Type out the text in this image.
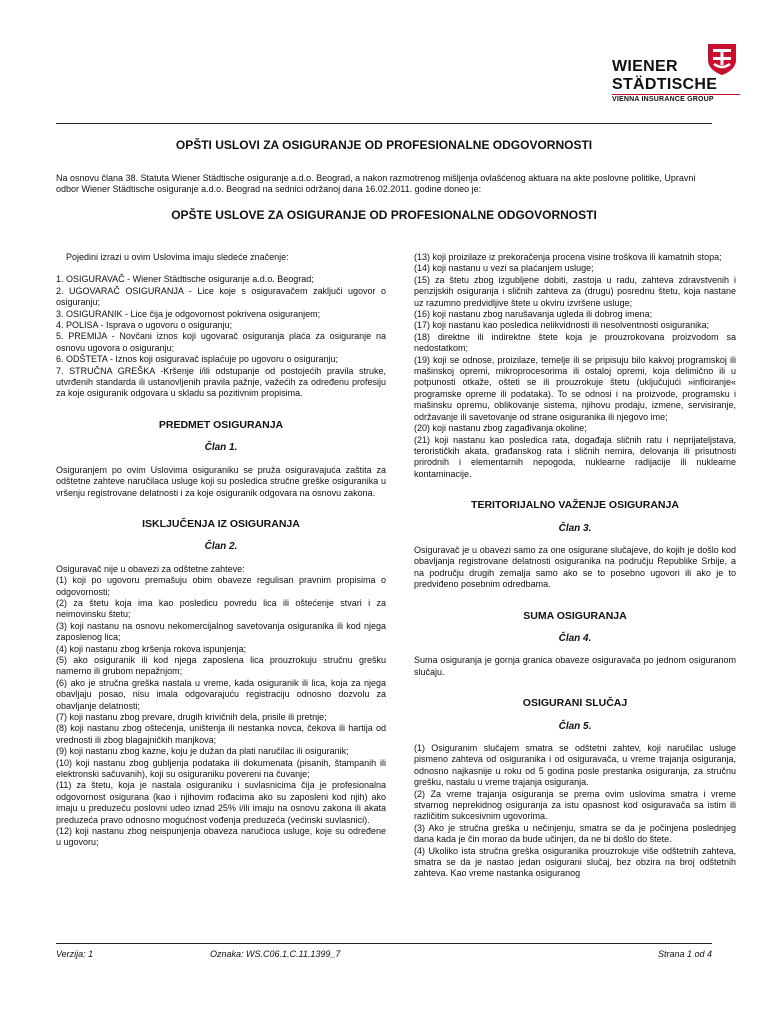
WIENER
STÄDTISCHE
VIENNA INSURANCE GROUP
OPŠTI USLOVI ZA OSIGURANJE OD PROFESIONALNE ODGOVORNOSTI
Na osnovu člana 38. Statuta Wiener Städtische osiguranje a.d.o. Beograd, a nakon razmotrenog mišljenja ovlašćenog aktuara na akte poslovne politike, Upravni odbor Wiener Städtische osiguranje a.d.o. Beograd na sednici održanoj dana 16.02.2011. godine doneo je:
OPŠTE USLOVE ZA OSIGURANJE OD PROFESIONALNE ODGOVORNOSTI

Pojedini izrazi u ovim Uslovima imaju sledeće značenje:

1. OSIGURAVAČ - Wiener Städtische osiguranje a.d.o. Beograd;

2. UGOVARAČ OSIGURANJA - Lice koje s osiguravačem zaključi ugovor o osiguranju;

3. OSIGURANIK - Lice čija je odgovornost pokrivena osiguranjem;

4. POLISA - Isprava o ugovoru o osiguranju;

5. PREMIJA - Novčani iznos koji ugovarač osiguranja plaća za osiguranje na osnovu ugovora o osiguranju;

6. ODŠTETA - Iznos koji osiguravač isplaćuje po ugovoru o osiguranju;

7. STRUČNA GREŠKA -Kršenje i/ili odstupanje od postojećih pravila struke, utvrđenih standarda ili ustanovljenih pravila pažnje, važećih za određenu profesiju za koje osiguranik odgovara u skladu sa pozitivnim propisima.

PREDMET OSIGURANJA

Član 1.

Osiguranjem po ovim Uslovima osiguraniku se pruža osiguravajuća zaštita za odštetne zahteve naručilaca usluge koji su posledica stručne greške osiguranika u vršenju registrovane delatnosti i za koje osiguranik odgovara na osnovu zakona.

ISKLJUČENJA IZ OSIGURANJA

Član 2.

Osiguravač nije u obavezi za odštetne zahteve:

(1) koji po ugovoru premašuju obim obaveze regulisan pravnim propisima o odgovornosti;

(2) za štetu koja ima kao posledicu povredu lica ili oštećenje stvari i za neimovinsku štetu;

(3) koji nastanu na osnovu nekomercijalnog savetovanja osiguranika ili kod njega zaposlenog lica;

(4) koji nastanu zbog kršenja rokova ispunjenja;

(5) ako osiguranik ili kod njega zaposlena lica prouzrokuju stručnu grešku namerno ili grubom nepažnjom;

(6) ako je stručna greška nastala u vreme, kada osiguranik ili lica, koja za njega obavljaju posao, nisu imala odgovarajuću registraciju odnosno dozvolu za obavljanje delatnosti;

(7) koji nastanu zbog prevare, drugih krivičnih dela, prisile ili pretnje;

(8) koji nastanu zbog oštećenja, uništenja ili nestanka novca, čekova ili hartija od vrednosti ili zbog blagajničkih manjkova;

(9) koji nastanu zbog kazne, koju je dužan da plati naručilac ili osiguranik;

(10) koji nastanu zbog gubljenja podataka ili dokumenata (pisanih, štampanih ili elektronski sačuvanih), koji su osiguraniku povereni na čuvanje;

(11) za štetu, koja je nastala osiguraniku i suvlasnicima čija je profesionalna odgovornost osigurana (kao i njihovim rođacima ako su zaposleni kod njih) ako imaju u preduzeću poslovni udeo iznad 25% i/ili imaju na osnovu zakona ili akata preduzeća pravo odnosno mogućnost vođenja preduzeća (većinski suvlasnici).

(12) koji nastanu zbog neispunjenja obaveza naručioca usluge, koje su određene u ugovoru;

(13) koji proizilaze iz prekoračenja procena visine troškova ili kamatnih stopa;

(14) koji nastanu u vezi sa plaćanjem usluge;

(15) za štetu zbog izgubljene dobiti, zastoja u radu, zahteva zdravstvenih i penzijskih osiguranja i sličnih zahteva za (drugu) posrednu štetu, koja nastane uz razumno predvidljive štete u okviru izvršene usluge;

(16) koji nastanu zbog narušavanja ugleda ili dobrog imena;

(17) koji nastanu kao posledica nelikvidnosti ili nesolventnosti osiguranika;

(18) direktne ili indirektne štete koja je prouzrokovana proizvodom sa nedostatkom;

(19) koji se odnose, proizilaze, temelje ili se pripisuju bilo kakvoj programskoj ili mašinskoj opremi, mikroprocesorima ili ostaloj opremi, koja delimično ili u potpunosti otkaže, ošteti se ili prouzrokuje štetu (uključujući »inficiranje« programske opreme ili podataka). To se odnosi i na proizvode, programsku i mašinsku opremu, oblikovanje sistema, njihovu prodaju, izmene, servisiranje, održavanje ili savetovanje od strane osiguranika ili njegovo ime;

(20) koji nastanu zbog zagađivanja okoline;

(21) koji nastanu kao posledica rata, događaja sličnih ratu i neprijateljstava, terorističkih akata, građanskog rata i sličnih nemira, delovanja ili prisutnosti prirodnih i elementarnih nepogoda, nuklearne radijacije ili nuklearne kontaminacije.

TERITORIJALNO VAŽENJE OSIGURANJA

Član 3.

Osiguravač je u obavezi samo za one osigurane slučajeve, do kojih je došlo kod obavljanja registrovane delatnosti osiguranika na području Republike Srbije, a na području drugih zemalja samo ako se to posebno ugovori ili ako je to predviđeno posebnim odredbama.

SUMA OSIGURANJA

Član 4.

Suma osiguranja je gornja granica obaveze osiguravača po jednom osiguranom slučaju.

OSIGURANI SLUČAJ

Član 5.

(1) Osiguranim slučajem smatra se odštetni zahtev, koji naručilac usluge pismeno zahteva od osiguranika i od osiguravača, u vreme trajanja osiguranja, odnosno najkasnije u roku od 5 godina posle prestanka osiguranja, za stručnu grešku, nastalu u vreme trajanja osiguranja.

(2) Za vreme trajanja osiguranja se prema ovim uslovima smatra i vreme stvarnog neprekidnog osiguranja za istu opasnost kod osiguravača sa istim ili različitim sukcesivnim ugovorima.

(3) Ako je stručna greška u nečinjenju, smatra se da je počinjena poslednjeg dana kada je čin morao da bude učinjen, da ne bi došlo do štete.

(4) Ukoliko ista stručna greška osiguranika prouzrokuje više odštetnih zahteva, smatra se da je nastao jedan osigurani slučaj, bez obzira na broj odštetnih zahteva. Kao vreme nastanka osiguranog

Verzija: 1	Oznaka: WS.C06.1.C.11.1399_7	Strana 1 od 4
